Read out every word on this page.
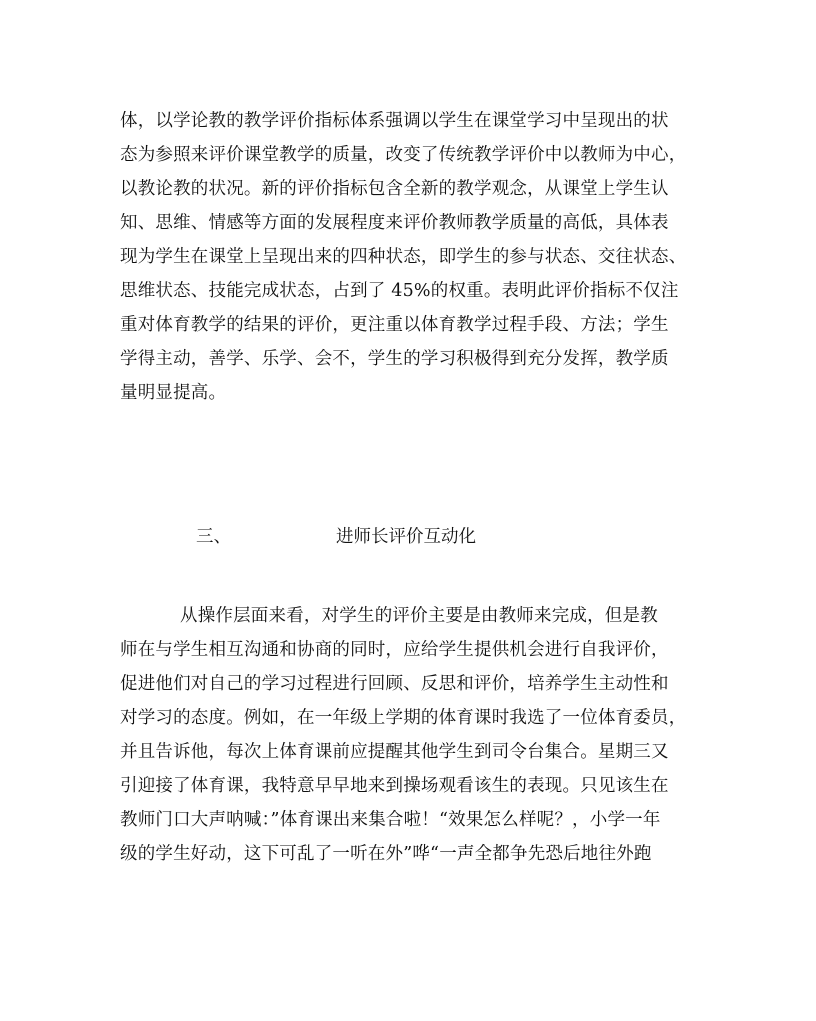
体，以学论教的教学评价指标体系强调以学生在课堂学习中呈现出的状
态为参照来评价课堂教学的质量，改变了传统教学评价中以教师为中心，
以教论教的状况。新的评价指标包含全新的教学观念，从课堂上学生认
知、思维、情感等方面的发展程度来评价教师教学质量的高低，具体表
现为学生在课堂上呈现出来的四种状态，即学生的参与状态、交往状态、
思维状态、技能完成状态，占到了 45%的权重。表明此评价指标不仅注
重对体育教学的结果的评价，更注重以体育教学过程手段、方法；学生
学得主动，善学、乐学、会不，学生的学习积极得到充分发挥，教学质
量明显提高。
三、	进师长评价互动化
从操作层面来看，对学生的评价主要是由教师来完成，但是教
师在与学生相互沟通和协商的同时，应给学生提供机会进行自我评价，
促进他们对自己的学习过程进行回顾、反思和评价，培养学生主动性和
对学习的态度。例如，在一年级上学期的体育课时我选了一位体育委员，
并且告诉他，每次上体育课前应提醒其他学生到司令台集合。星期三又
引迎接了体育课，我特意早早地来到操场观看该生的表现。只见该生在
教师门口大声呐喊：”体育课出来集合啦！“效果怎么样呢？，小学一年
级的学生好动，这下可乱了一听在外”哗“一声全都争先恐后地往外跑
